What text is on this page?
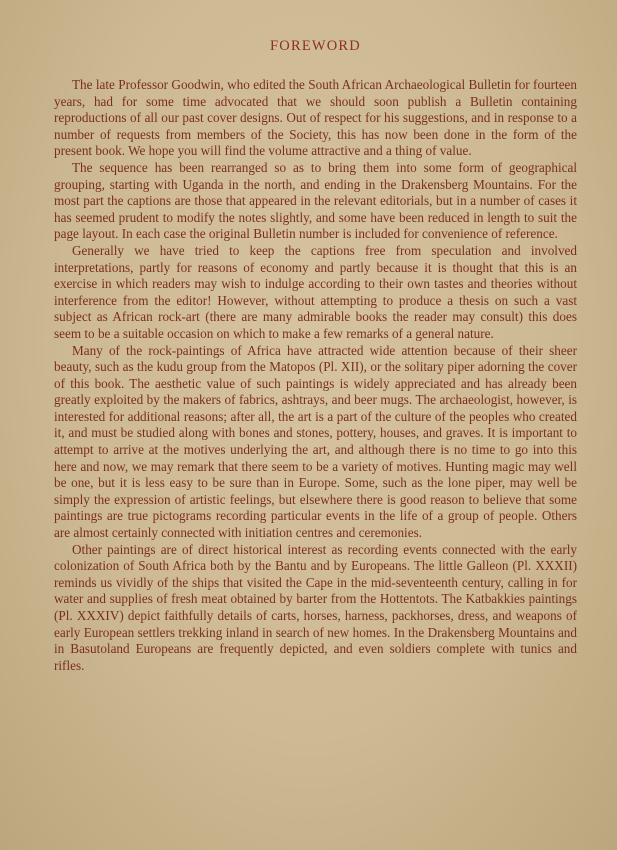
FOREWORD

The late Professor Goodwin, who edited the South African Archaeological Bulletin for fourteen years, had for some time advocated that we should soon publish a Bulletin containing reproductions of all our past cover designs. Out of respect for his suggestions, and in response to a number of requests from members of the Society, this has now been done in the form of the present book. We hope you will find the volume attractive and a thing of value.

The sequence has been rearranged so as to bring them into some form of geographical grouping, starting with Uganda in the north, and ending in the Drakensberg Mountains. For the most part the captions are those that appeared in the relevant editorials, but in a number of cases it has seemed prudent to modify the notes slightly, and some have been reduced in length to suit the page layout. In each case the original Bulletin number is included for convenience of reference.

Generally we have tried to keep the captions free from speculation and involved interpretations, partly for reasons of economy and partly because it is thought that this is an exercise in which readers may wish to indulge according to their own tastes and theories without interference from the editor! However, without attempting to produce a thesis on such a vast subject as African rock-art (there are many admirable books the reader may consult) this does seem to be a suitable occasion on which to make a few remarks of a general nature.

Many of the rock-paintings of Africa have attracted wide attention because of their sheer beauty, such as the kudu group from the Matopos (Pl. XII), or the solitary piper adorning the cover of this book. The aesthetic value of such paintings is widely appreciated and has already been greatly exploited by the makers of fabrics, ashtrays, and beer mugs. The archaeologist, however, is interested for additional reasons; after all, the art is a part of the culture of the peoples who created it, and must be studied along with bones and stones, pottery, houses, and graves. It is important to attempt to arrive at the motives underlying the art, and although there is no time to go into this here and now, we may remark that there seem to be a variety of motives. Hunting magic may well be one, but it is less easy to be sure than in Europe. Some, such as the lone piper, may well be simply the expression of artistic feelings, but elsewhere there is good reason to believe that some paintings are true pictograms recording particular events in the life of a group of people. Others are almost certainly connected with initiation centres and ceremonies.

Other paintings are of direct historical interest as recording events connected with the early colonization of South Africa both by the Bantu and by Europeans. The little Galleon (Pl. XXXII) reminds us vividly of the ships that visited the Cape in the mid-seventeenth century, calling in for water and supplies of fresh meat obtained by barter from the Hottentots. The Katbakkies paintings (Pl. XXXIV) depict faithfully details of carts, horses, harness, packhorses, dress, and weapons of early European settlers trekking inland in search of new homes. In the Drakensberg Mountains and in Basutoland Europeans are frequently depicted, and even soldiers complete with tunics and rifles.
